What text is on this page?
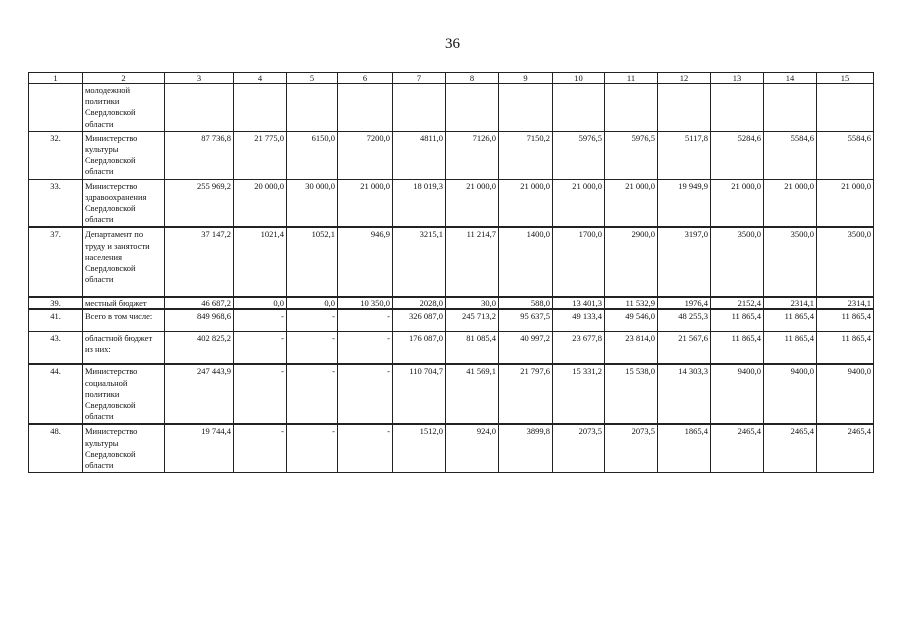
36
1	2	3	4	5	6	7	8	9	10	11	12	13	14	15
	молодежной политики Свердловской области													
32.	Министерство культуры Свердловской области	87 736,8	21 775,0	6150,0	7200,0	4811,0	7126,0	7150,2	5976,5	5976,5	5117,8	5284,6	5584,6	5584,6
33.	Министерство здравоохранения Свердловской области	255 969,2	20 000,0	30 000,0	21 000,0	18 019,3	21 000,0	21 000,0	21 000,0	21 000,0	19 949,9	21 000,0	21 000,0	21 000,0
37.	Департамент по труду и занятости населения Свердловской области	37 147,2	1021,4	1052,1	946,9	3215,1	11 214,7	1400,0	1700,0	2900,0	3197,0	3500,0	3500,0	3500,0
39.	местный бюджет	46 687,2	0,0	0,0	10 350,0	2028,0	30,0	588,0	13 401,3	11 532,9	1976,4	2152,4	2314,1	2314,1
41.	Всего в том числе:	849 968,6	-	-	-	326 087,0	245 713,2	95 637,5	49 133,4	49 546,0	48 255,3	11 865,4	11 865,4	11 865,4
43.	областной бюджет из них:	402 825,2	-	-	-	176 087,0	81 085,4	40 997,2	23 677,8	23 814,0	21 567,6	11 865,4	11 865,4	11 865,4
44.	Министерство социальной политики Свердловской области	247 443,9	-	-	-	110 704,7	41 569,1	21 797,6	15 331,2	15 538,0	14 303,3	9400,0	9400,0	9400,0
48.	Министерство культуры Свердловской области	19 744,4	-	-	-	1512,0	924,0	3899,8	2073,5	2073,5	1865,4	2465,4	2465,4	2465,4
